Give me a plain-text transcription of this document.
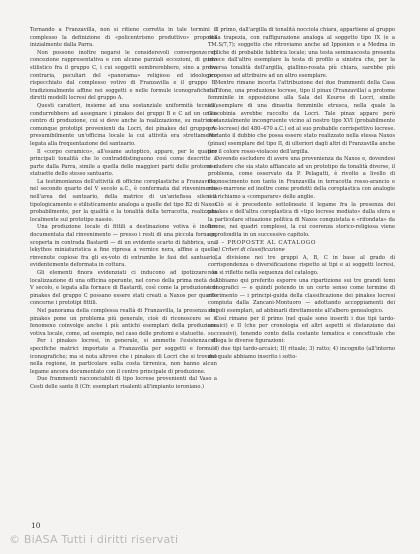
Tornando a Franzavilla, non si ritiene corretta in tale termini il complesso la definizione di «policentrismo produttivo» proposta inizialmente dalla Parra.

Non possono inoltre negarsi le considerevoli convergenze di concezione rappresentativa e con alcune parziali eccezioni, di gusto stilistico fra il gruppo C, i cui soggetti sembrerebbero, sino a prova contraria, peculiari del «panorama» religioso ed ideologico rispecchiato dal complesso votivo di Franzavilla e il gruppo B, tradizionalmente affine nei soggetti e nelle formule iconografiche ai diretti modelli locresi del gruppo A.

Questi caratteri, insieme ad una sostanziale uniformità tecnica, condurrebbero ad assegnare i pinakes dei gruppi B e C ad un unico centro di produzione, cui si deve anche la realizzazione, su matrici o comunque prototipi provenienti da Locri, dei pinakes del gruppo A: presumibilmente un'officina locale la cui attività era strettamente legata alla frequentazione del santuario.

Il «corpo ceramico», all'esame autoptico, appare, per le quattro principali tonalità che lo contraddistinguono così come descritte a parte dalla Parra, simile a quella delle maggiori parti delle protomi e statuette dello stesso santuario.

La testimonianza dell'attività di officine coroplastiche a Franzavilla, nel secondo quarto del V secolo a.C., è confermata dal rinvenimento nell'area del santuario, della matrice di un'antefissa silenica tipologicamente e stilisticamente analoga a quelle del tipo B2 di Naxos probabilmente, per la qualità e la tonalità della terracotta, realizzata localmente sul prototipo nassio.

Una produzione locale di fittili a destinazione votiva è inoltre documentata dal rinvenimento — presso i resti di una piccola fornace, scoperta in contrada Bastardi — di un evidente scarto di fabbrica, una lekythos miniaturistica a fine ripresa a vernice nera, affine a quelle rinvenute copiose fra gli ex-voto di entrambe le fasi del santuario, evidentemente deformata in cottura.

Gli elementi finora evidenziati ci inducono ad ipotizzare la localizzazione di una officina operante, nel corso della prima metà del V secolo, e legata alla fornace di Bastardi, così come la produzione di pinakes del gruppo C possano essere stati creati a Naxos per quanto concerne i prototipi fittili.

Nel panorama della complessa realtà di Franzavilla, la presenza dei pinakes pone un problema più generale, cioè di riconoscere se il fenomeno coinvolge anche i più antichi esemplari della produzione votiva locale, come, ad esempio, nel caso delle protomi e statuette.

Per i pinakes locresi, in generale, si ammette l'esistenza di specifiche matrici importate a Franzavilla per soggetti e formule iconografiche; ma si nota altrove che i pinakes di Locri che si trovano nella regione, in particolare sulla costa tirrenica, non hanno alcun legame ancora documentato con il centro principale di produzione.

Due frammenti racconciabili di tipo locrese provenienti dal Vaso a Cesti delle sante 8 (Cfr. esemplari risalenti all'impianto ieroniano.)

Il primo, dall'argilla di tonalità nocciola chiara, appartiene al gruppo della trapezia, con raffigurazione analoga al soggetto tipo IX (e a TM.S/7,7); soggetto che ritroviamo anche ad Ipponion e a Medma in repliche di probabile fabbrica locale; una testa seminascosta presenta invece dall'altro esemplare la testa di profilo a sinistra che, per la diversa tonalità dell'argilla, giallino-rosata più chiara, sarebbe più propenso ad attribuire ad un altro esemplare.

Mentre rimane incerta l'attribuzione dei due frammenti della Casa di Tifone, una produzione locrese, tipo il pinax (Franzavilla) a protome femminile in opposizione alla Sala del Kouros di Locri, simile all'esemplare di una dinastia femminile etrusca, nella quale la Giacobinia avrebbe raccolto da Locri. Tale pinax appare però sostanzialmente incongruente vicino al nostro tipo XVI (probabilmente pre-locrese) del 480–470 a.C.) ed al suo probabile corrispettivo locrese. Pertanto il dubbio che possa essere stato realizzato nella stessa Naxos (pinax) esemplare del tipo II, di ulteriori dagli altri di Franzavilla anche per il colore rosso-violaceo dell'argilla.

Dovendo escludere di avere una provenienza da Naxos e, dovendosi escludere che sia stato affiancato ad un prototipo da tonalità diverse, il problema, come osservato da P. Pelagatti, è rivolto a livello di riconoscimento non tanto in Franzavilla in terracotta rosso-arancio e rosso-marrone ed inoltre come prodotti della coroplastica con analogie e il richiamo a «comparare» delle anglie.

Ciò si è precedente sottolineato il legame fra la presenza dei pinakes e dell'altra coroplastica di «tipo locrese mediato» dalla sfera e la particolare situazione politica di Naxos conquistata e «rifondata» da Ierone, nei quadri complessi, la cui coerenza storico-religiosa viene approfondita in un successivo capitolo.

3 – PROPOSTE AL CATALOGO

a) Criteri di classificazione

La divisione nei tre gruppi A, B, C in base al grado di corrispondenza o diversificazione rispetto ai tipi e ai soggetti locresi, non si riflette nella sequenza del catalogo.

Abbiamo qui preferito esporre una ripartizione sui tre grandi temi iconografici — e quindi potendo in un certo senso come termine di riferimento — i principi-guida della classificazione dei pinakes locresi compiuta dalla Zancani-Montuoro — adottando accoppiamenti dei singoli esemplari, ad abbinarli direttamente all'albero genealogico.

Così rimane per il primo (nel quale sono inseriti i due tipi tardo-arcaici) e II (che per cronologia ed altri aspetti si distanziano dai successivi), tenendo conto della costante tematica e concettuale che collega le diverse figurazioni:

I) due tipi tardo-arcaici; II) rituale; 3) ratto; 4) incognito (all'interno del quale abbiamo inserito i sotto-

10
© BiASA Tutti i diritti riservati
